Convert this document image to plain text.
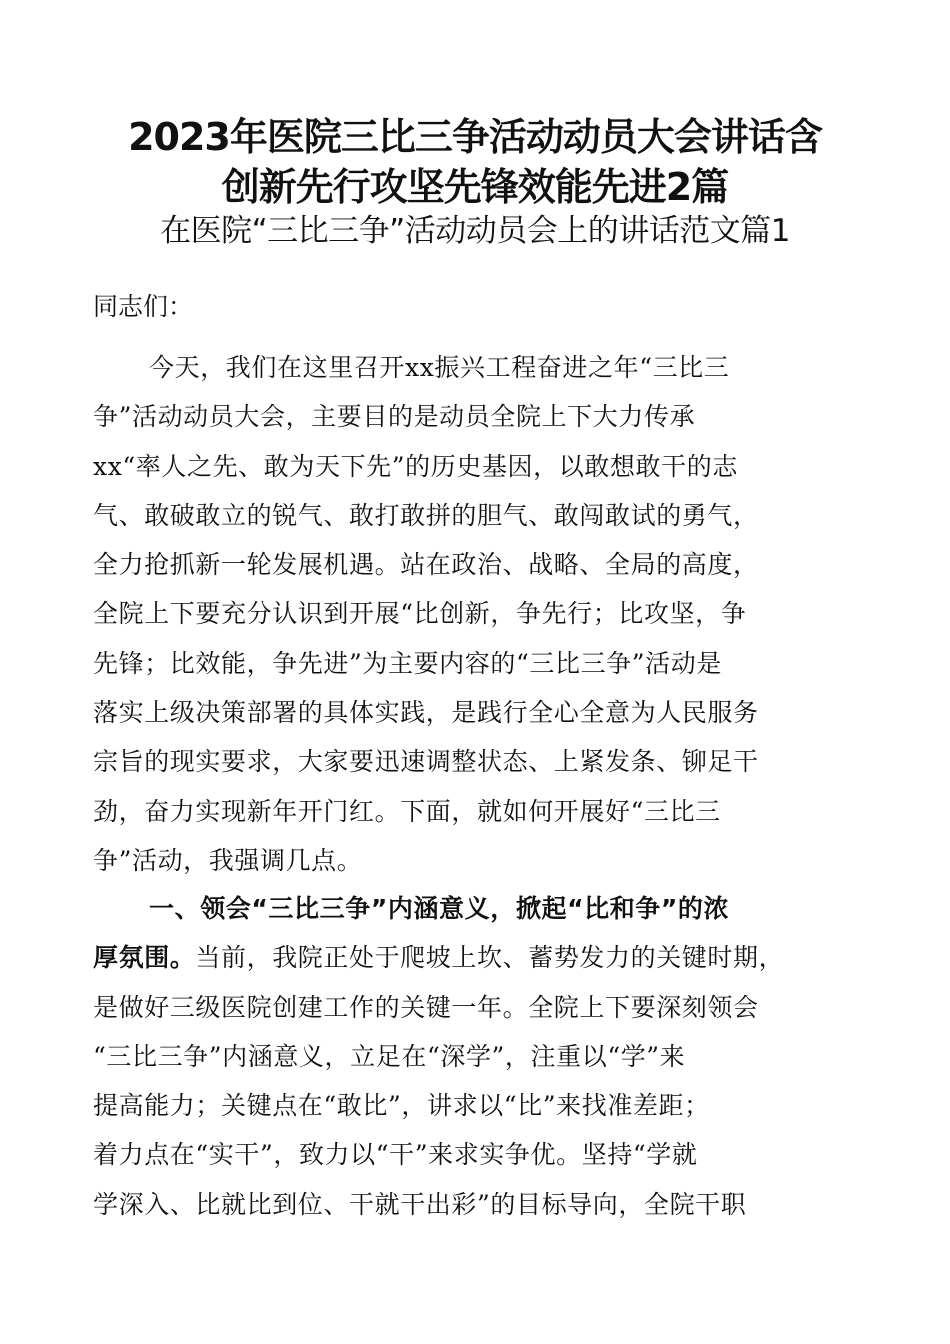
2023年医院三比三争活动动员大会讲话含
创新先行攻坚先锋效能先进2篇
在医院“三比三争”活动动员会上的讲话范文篇1

同志们：

今天，我们在这里召开xx振兴工程奋进之年“三比三
争”活动动员大会，主要目的是动员全院上下大力传承
xx“率人之先、敢为天下先”的历史基因，以敢想敢干的志
气、敢破敢立的锐气、敢打敢拼的胆气、敢闯敢试的勇气，
全力抢抓新一轮发展机遇。站在政治、战略、全局的高度，
全院上下要充分认识到开展“比创新，争先行；比攻坚，争
先锋；比效能，争先进”为主要内容的“三比三争”活动是
落实上级决策部署的具体实践，是践行全心全意为人民服务
宗旨的现实要求，大家要迅速调整状态、上紧发条、铆足干
劲，奋力实现新年开门红。下面，就如何开展好“三比三
争”活动，我强调几点。
一、领会“三比三争”内涵意义，掀起“比和争”的浓
厚氛围。当前，我院正处于爬坡上坎、蓄势发力的关键时期，
是做好三级医院创建工作的关键一年。全院上下要深刻领会
“三比三争”内涵意义，立足在“深学”，注重以“学”来
提高能力；关键点在“敢比”，讲求以“比”来找准差距；
着力点在“实干”，致力以“干”来求实争优。坚持“学就
学深入、比就比到位、干就干出彩”的目标导向，全院干职
